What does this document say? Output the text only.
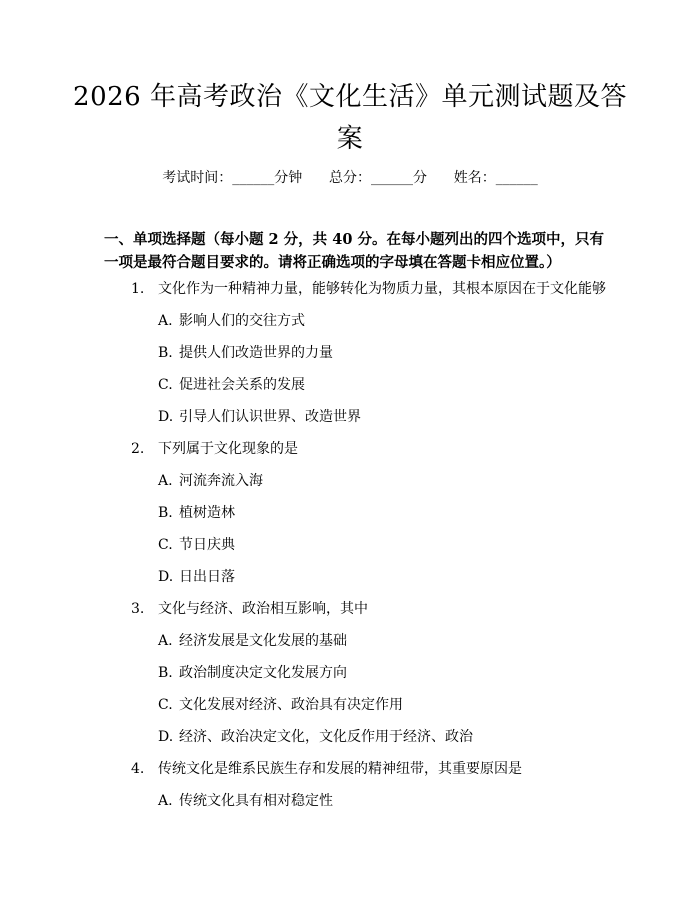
2026 年高考政治《文化生活》单元测试题及答案
考试时间：______分钟      总分：______分      姓名：______

一、单项选择题（每小题 2 分，共 40 分。在每小题列出的四个选项中，只有一项是最符合题目要求的。请将正确选项的字母填在答题卡相应位置。）

1. 文化作为一种精神力量，能够转化为物质力量，其根本原因在于文化能够
A. 影响人们的交往方式
B. 提供人们改造世界的力量
C. 促进社会关系的发展
D. 引导人们认识世界、改造世界
2. 下列属于文化现象的是
A. 河流奔流入海
B. 植树造林
C. 节日庆典
D. 日出日落
3. 文化与经济、政治相互影响，其中
A. 经济发展是文化发展的基础
B. 政治制度决定文化发展方向
C. 文化发展对经济、政治具有决定作用
D. 经济、政治决定文化，文化反作用于经济、政治
4. 传统文化是维系民族生存和发展的精神纽带，其重要原因是
A. 传统文化具有相对稳定性
